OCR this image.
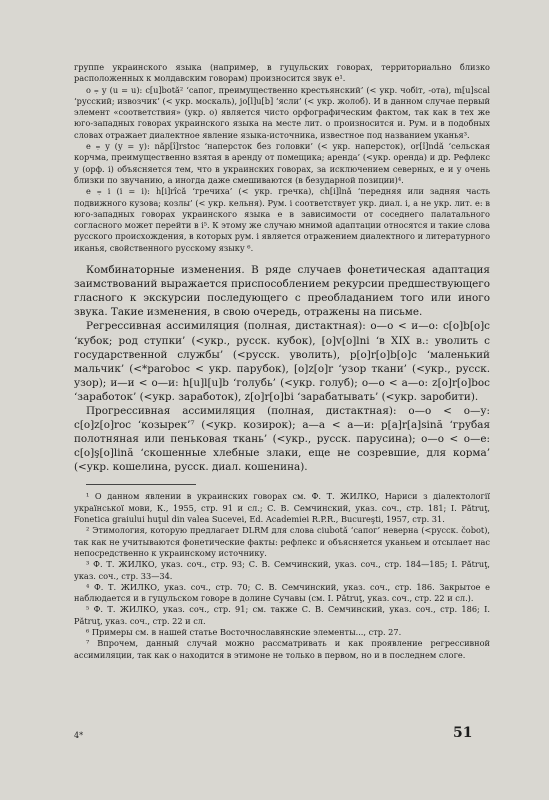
группе украинского языка (например, в гуцульских говорах, территориально близко расположенных к молдавским говорам) произносится звук е¹.

о ⩦ у (u = u): с[u]botă² ‘сапог, преимущественно крестьянский’ (< укр. чобiт, -ота), m[u]scal ‘русский; извозчик’ (< укр. москаль), jo[l]u[b] ‘ясли’ (< укр. жолоб). И в данном случае первый элемент «соответствия» (укр. о) является чисто орфографическим фактом, так как в тех же юго-западных говорах украинского языка на месте лит. о произносится и. Рум. и в подобных словах отражает диалектное явление языка-источника, известное под названием уканья³.

е ⩦ у (у = у): năp[î]rstoc ‘наперсток без головки’ (< укр. наперсток), or[î]ndă ‘сельская корчма, преимущественно взятая в аренду от помещика; аренда’ (<укр. оренда) и др. Рефлекс у (орф. і) объясняется тем, что в украинских говорах, за исключением северных, е и у очень близки по звучанию, а иногда даже смешиваются (в безударной позиции)⁴.

е ⩦ і (і = і): h[i]rîcă ‘гречиха’ (< укр. гречка), ch[i]lnă ‘передняя или задняя часть подвижного кузова; козлы’ (< укр. кельня). Рум. і соответствует укр. диал. і, а не укр. лит. е: в юго-западных говорах украинского языка е в зависимости от соседнего палатального согласного может перейти в і⁵. К этому же случаю мнимой адаптации относятся и такие слова русского происхождения, в которых рум. і является отражением диалектного и литературного иканья, свойственного русскому языку ⁶.

Комбинаторные изменения. В ряде случаев фонетическая адаптация заимствований выражается приспособлением рекурсии предшествующего гласного к экскурсии последующего с преобладанием того или иного звука. Такие изменения, в свою очередь, отражены на письме.

Регрессивная ассимиляция (полная, дистактная): о—о < и—о: с[о]b[о]c ‘кубок; род ступки’ (<укр., русск. кубок), [о]v[о]lnі ‘в XIX в.: уволить с государственной службы’ (<русск. уволить), p[о]r[о]b[о]c ‘маленький мальчик’ (<*parobос < укр. парубок), [о]z[о]r ‘узор ткани’ (<укр., русск. узор); и—и < о—и: h[u]l[u]b ‘голубь’ (<укр. голуб); о—о < а—о: z[о]r[о]boc ‘заработок’ (<укр. заработок), z[о]r[о]bi ‘зарабатывать’ (<укр. заробити).

Прогрессивная ассимиляция (полная, дистактная): о—о < о—у: с[о]z[о]roc ‘козырек’⁷ (<укр. козирок); а—а < а—и: р[а]r[а]sină ‘грубая полотняная или пеньковая ткань’ (<укр., русск. парусина); о—о < о—е: с[о]ş[о]lină ‘скошенные хлебные злаки, еще не созревшие, для корма’ (<укр. кошелина, русск. диал. кошенина).

¹ О данном явлении в украинских говорах см. Ф. Т. ЖИЛКО, Нариси з дiалектологiї української мови, К., 1955, стр. 91 и сл.; С. В. Семчинский, указ. соч., стр. 181; I. Pătruţ, Fonetica graiului huţul din valea Sucevei, Ed. Academiei R.P.R., Bucureşti, 1957, стр. 31.

² Этимология, которую предлагает DLRM для слова ciubotă ‘сапог’ неверна (<русск. čobot), так как не учитываются фонетические факты: рефлекс и объясняется уканьем и отсылает нас непосредственно к украинскому источнику.

³ Ф. Т. ЖИЛКО, указ. соч., стр. 93; С. В. Семчинский, указ. соч., стр. 184—185; I. Pătruţ, указ. соч., стр. 33—34.

⁴ Ф. Т. ЖИЛКО, указ. соч., стр. 70; С. В. Семчинский, указ. соч., стр. 186. Закрытое е наблюдается и в гуцульском говоре в долине Сучавы (см. I. Pătruţ, указ. соч., стр. 22 и сл.).

⁵ Ф. Т. ЖИЛКО, указ. соч., стр. 91; см. также С. В. Семчинский, указ. соч., стр. 186; I. Pătruţ, указ. соч., стр. 22 и сл.

⁶ Примеры см. в нашей статье Восточнославянские элементы..., стр. 27.

⁷ Впрочем, данный случай можно рассматривать и как проявление регрессивной ассимиляции, так как о находится в этимоне не только в первом, но и в последнем слоге.

4*	51
